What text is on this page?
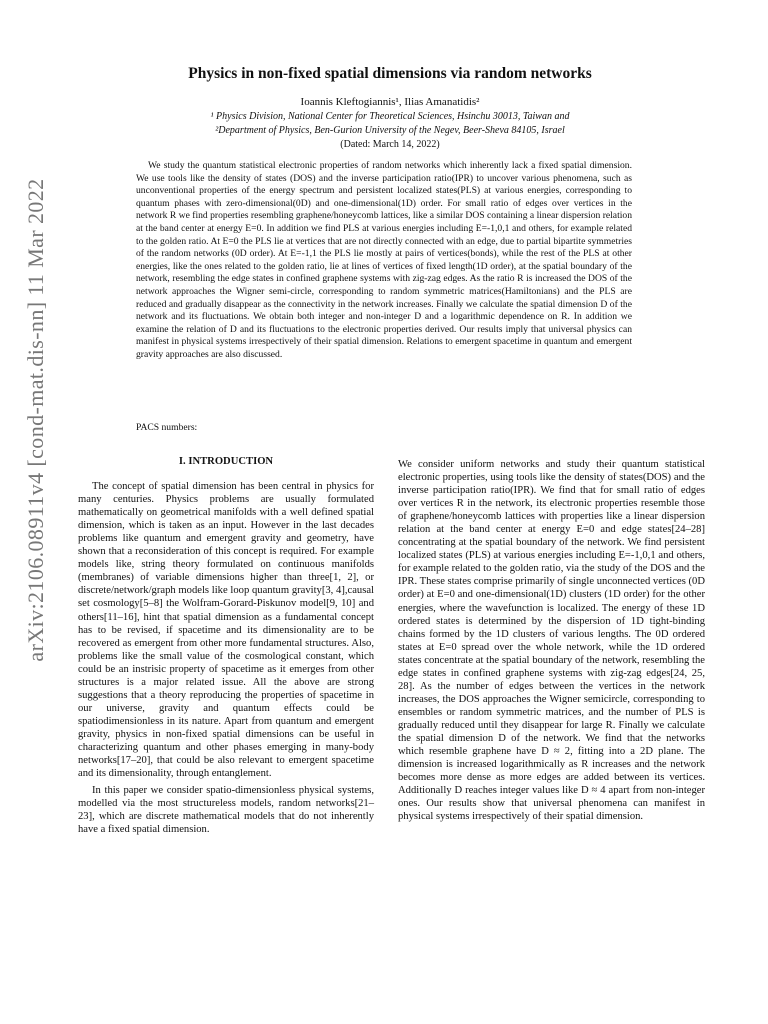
arXiv:2106.08911v4 [cond-mat.dis-nn] 11 Mar 2022
Physics in non-fixed spatial dimensions via random networks
Ioannis Kleftogiannis¹, Ilias Amanatidis²
¹ Physics Division, National Center for Theoretical Sciences, Hsinchu 30013, Taiwan and
²Department of Physics, Ben-Gurion University of the Negev, Beer-Sheva 84105, Israel
(Dated: March 14, 2022)

We study the quantum statistical electronic properties of random networks which inherently lack a fixed spatial dimension. We use tools like the density of states (DOS) and the inverse participation ratio(IPR) to uncover various phenomena, such as unconventional properties of the energy spectrum and persistent localized states(PLS) at various energies, corresponding to quantum phases with zero-dimensional(0D) and one-dimensional(1D) order. For small ratio of edges over vertices in the network R we find properties resembling graphene/honeycomb lattices, like a similar DOS containing a linear dispersion relation at the band center at energy E=0. In addition we find PLS at various energies including E=-1,0,1 and others, for example related to the golden ratio. At E=0 the PLS lie at vertices that are not directly connected with an edge, due to partial bipartite symmetries of the random networks (0D order). At E=-1,1 the PLS lie mostly at pairs of vertices(bonds), while the rest of the PLS at other energies, like the ones related to the golden ratio, lie at lines of vertices of fixed length(1D order), at the spatial boundary of the network, resembling the edge states in confined graphene systems with zig-zag edges. As the ratio R is increased the DOS of the network approaches the Wigner semi-circle, corresponding to random symmetric matrices(Hamiltonians) and the PLS are reduced and gradually disappear as the connectivity in the network increases. Finally we calculate the spatial dimension D of the network and its fluctuations. We obtain both integer and non-integer D and a logarithmic dependence on R. In addition we examine the relation of D and its fluctuations to the electronic properties derived. Our results imply that universal physics can manifest in physical systems irrespectively of their spatial dimension. Relations to emergent spacetime in quantum and emergent gravity approaches are also discussed.

PACS numbers:
I. INTRODUCTION

The concept of spatial dimension has been central in physics for many centuries. Physics problems are usually formulated mathematically on geometrical manifolds with a well defined spatial dimension, which is taken as an input. However in the last decades problems like quantum and emergent gravity and geometry, have shown that a reconsideration of this concept is required. For example models like, string theory formulated on continuous manifolds (membranes) of variable dimensions higher than three[1, 2], or discrete/network/graph models like loop quantum gravity[3, 4],causal set cosmology[5–8] the Wolfram-Gorard-Piskunov model[9, 10] and others[11–16], hint that spatial dimension as a fundamental concept has to be revised, if spacetime and its dimensionality are to be recovered as emergent from other more fundamental structures. Also, problems like the small value of the cosmological constant, which could be an instrisic property of spacetime as it emerges from other structures is a major related issue. All the above are strong suggestions that a theory reproducing the properties of spacetime in our universe, gravity and quantum effects could be spatiodimensionless in its nature. Apart from quantum and emergent gravity, physics in non-fixed spatial dimensions can be useful in characterizing quantum and other phases emerging in many-body networks[17–20], that could be also relevant to emergent spacetime and its dimensionality, through entanglement.

In this paper we consider spatio-dimensionless physical systems, modelled via the most structureless models, random networks[21–23], which are discrete mathematical models that do not inherently have a fixed spatial dimension.

We consider uniform networks and study their quantum statistical electronic properties, using tools like the density of states(DOS) and the inverse participation ratio(IPR). We find that for small ratio of edges over vertices R in the network, its electronic properties resemble those of graphene/honeycomb lattices with properties like a linear dispersion relation at the band center at energy E=0 and edge states[24–28] concentrating at the spatial boundary of the network. We find persistent localized states (PLS) at various energies including E=-1,0,1 and others, for example related to the golden ratio, via the study of the DOS and the IPR. These states comprise primarily of single unconnected vertices (0D order) at E=0 and one-dimensional(1D) clusters (1D order) for the other energies, where the wavefunction is localized. The energy of these 1D ordered states is determined by the dispersion of 1D tight-binding chains formed by the 1D clusters of various lengths. The 0D ordered states at E=0 spread over the whole network, while the 1D ordered states concentrate at the spatial boundary of the network, resembling the edge states in confined graphene systems with zig-zag edges[24, 25, 28]. As the number of edges between the vertices in the network increases, the DOS approaches the Wigner semicircle, corresponding to ensembles or random symmetric matrices, and the number of PLS is gradually reduced until they disappear for large R. Finally we calculate the spatial dimension D of the network. We find that the networks which resemble graphene have D ≈ 2, fitting into a 2D plane. The dimension is increased logarithmically as R increases and the network becomes more dense as more edges are added between its vertices. Additionally D reaches integer values like D ≈ 4 apart from non-integer ones. Our results show that universal phenomena can manifest in physical systems irrespectively of their spatial dimension.
